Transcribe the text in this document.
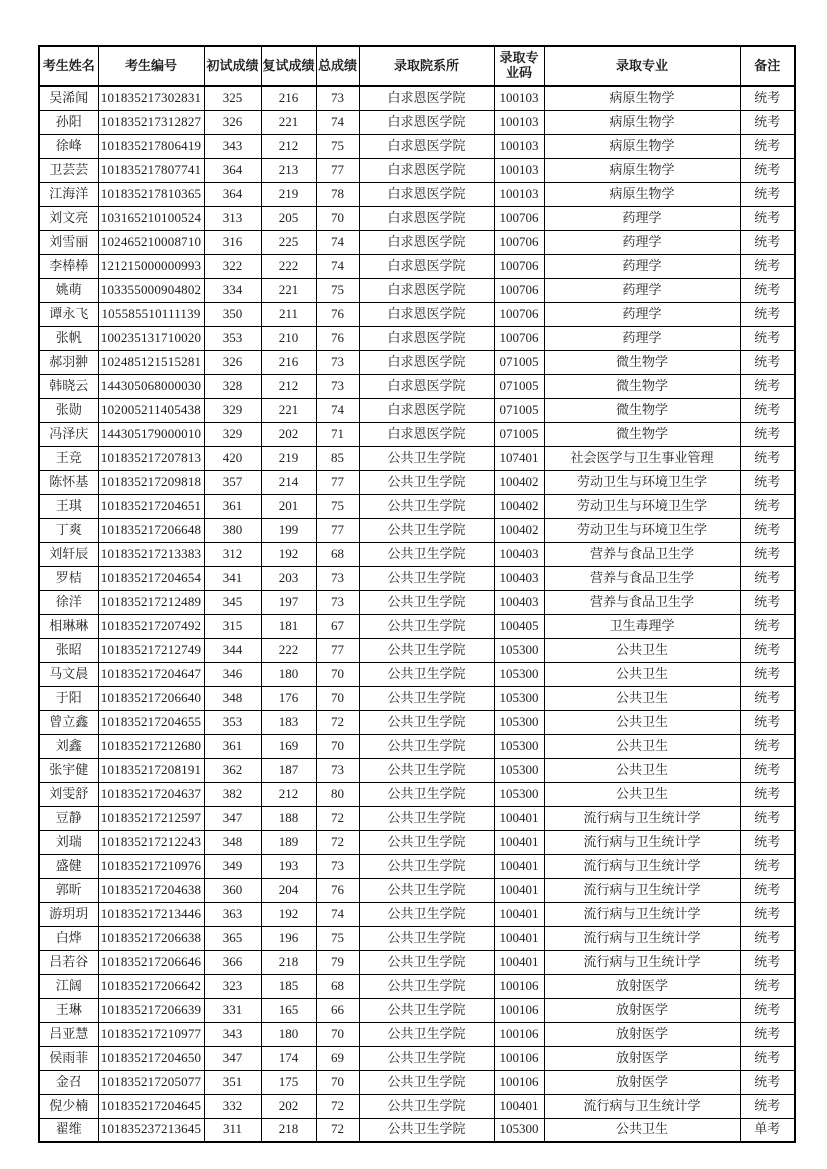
考生姓名	考生编号	初试成绩	复试成绩	总成绩	录取院系所	录取专业码	录取专业	备注
吴浠闻	101835217302831	325	216	73	白求恩医学院	100103	病原生物学	统考
孙阳	101835217312827	326	221	74	白求恩医学院	100103	病原生物学	统考
徐峰	101835217806419	343	212	75	白求恩医学院	100103	病原生物学	统考
卫芸芸	101835217807741	364	213	77	白求恩医学院	100103	病原生物学	统考
江海洋	101835217810365	364	219	78	白求恩医学院	100103	病原生物学	统考
刘文亮	103165210100524	313	205	70	白求恩医学院	100706	药理学	统考
刘雪丽	102465210008710	316	225	74	白求恩医学院	100706	药理学	统考
李棒棒	121215000000993	322	222	74	白求恩医学院	100706	药理学	统考
姚萌	103355000904802	334	221	75	白求恩医学院	100706	药理学	统考
谭永飞	105585510111139	350	211	76	白求恩医学院	100706	药理学	统考
张帆	100235131710020	353	210	76	白求恩医学院	100706	药理学	统考
郝羽翀	102485121515281	326	216	73	白求恩医学院	071005	微生物学	统考
韩晓云	144305068000030	328	212	73	白求恩医学院	071005	微生物学	统考
张勋	102005211405438	329	221	74	白求恩医学院	071005	微生物学	统考
冯泽庆	144305179000010	329	202	71	白求恩医学院	071005	微生物学	统考
王竞	101835217207813	420	219	85	公共卫生学院	107401	社会医学与卫生事业管理	统考
陈怀基	101835217209818	357	214	77	公共卫生学院	100402	劳动卫生与环境卫生学	统考
王琪	101835217204651	361	201	75	公共卫生学院	100402	劳动卫生与环境卫生学	统考
丁爽	101835217206648	380	199	77	公共卫生学院	100402	劳动卫生与环境卫生学	统考
刘轩辰	101835217213383	312	192	68	公共卫生学院	100403	营养与食品卫生学	统考
罗桔	101835217204654	341	203	73	公共卫生学院	100403	营养与食品卫生学	统考
徐洋	101835217212489	345	197	73	公共卫生学院	100403	营养与食品卫生学	统考
相琳琳	101835217207492	315	181	67	公共卫生学院	100405	卫生毒理学	统考
张昭	101835217212749	344	222	77	公共卫生学院	105300	公共卫生	统考
马文晨	101835217204647	346	180	70	公共卫生学院	105300	公共卫生	统考
于阳	101835217206640	348	176	70	公共卫生学院	105300	公共卫生	统考
曾立鑫	101835217204655	353	183	72	公共卫生学院	105300	公共卫生	统考
刘鑫	101835217212680	361	169	70	公共卫生学院	105300	公共卫生	统考
张宇健	101835217208191	362	187	73	公共卫生学院	105300	公共卫生	统考
刘雯舒	101835217204637	382	212	80	公共卫生学院	105300	公共卫生	统考
豆静	101835217212597	347	188	72	公共卫生学院	100401	流行病与卫生统计学	统考
刘瑞	101835217212243	348	189	72	公共卫生学院	100401	流行病与卫生统计学	统考
盛健	101835217210976	349	193	73	公共卫生学院	100401	流行病与卫生统计学	统考
郭昕	101835217204638	360	204	76	公共卫生学院	100401	流行病与卫生统计学	统考
游玥玥	101835217213446	363	192	74	公共卫生学院	100401	流行病与卫生统计学	统考
白烨	101835217206638	365	196	75	公共卫生学院	100401	流行病与卫生统计学	统考
吕若谷	101835217206646	366	218	79	公共卫生学院	100401	流行病与卫生统计学	统考
江阔	101835217206642	323	185	68	公共卫生学院	100106	放射医学	统考
王琳	101835217206639	331	165	66	公共卫生学院	100106	放射医学	统考
吕亚慧	101835217210977	343	180	70	公共卫生学院	100106	放射医学	统考
侯雨菲	101835217204650	347	174	69	公共卫生学院	100106	放射医学	统考
金召	101835217205077	351	175	70	公共卫生学院	100106	放射医学	统考
倪少楠	101835217204645	332	202	72	公共卫生学院	100401	流行病与卫生统计学	统考
翟维	101835237213645	311	218	72	公共卫生学院	105300	公共卫生	单考
